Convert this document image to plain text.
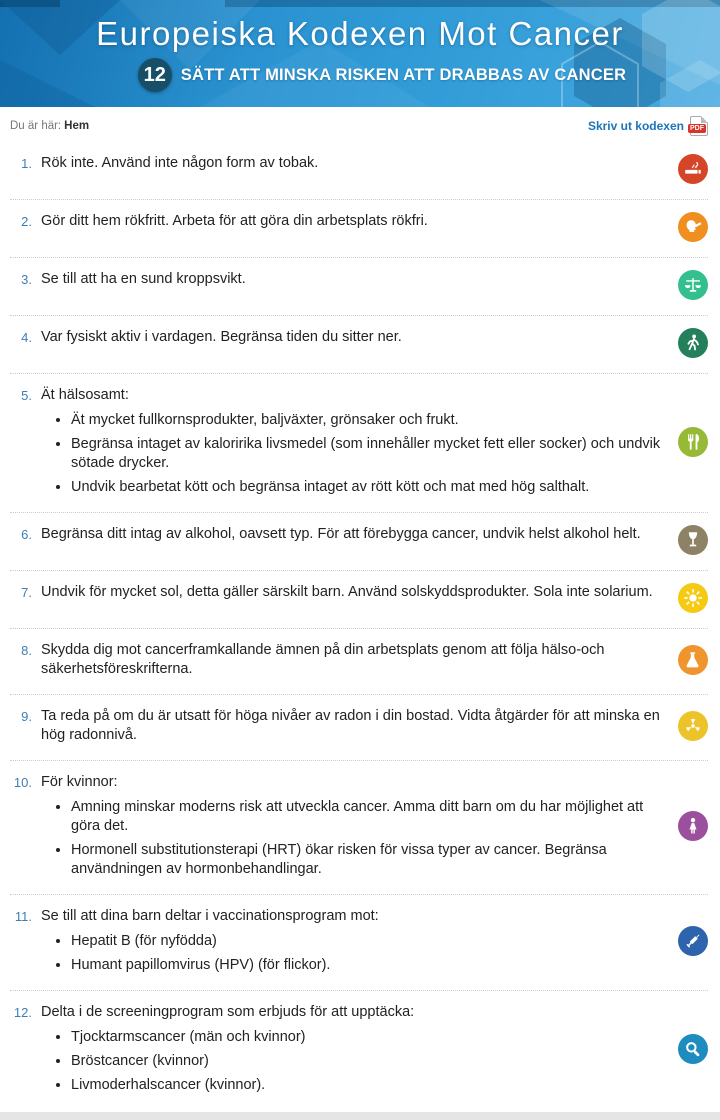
Europeiska Kodexen Mot Cancer
12 SÄTT ATT MINSKA RISKEN ATT DRABBAS AV CANCER
Du är här: Hem	Skriv ut kodexen PDF
1. Rök inte. Använd inte någon form av tobak.

2. Gör ditt hem rökfritt. Arbeta för att göra din arbetsplats rökfri.

3. Se till att ha en sund kroppsvikt.

4. Var fysiskt aktiv i vardagen. Begränsa tiden du sitter ner.

5. Ät hälsosamt:

• Ät mycket fullkornsprodukter, baljväxter, grönsaker och frukt.
• Begränsa intaget av kaloririka livsmedel (som innehåller mycket fett eller socker) och undvik sötade drycker.
• Undvik bearbetat kött och begränsa intaget av rött kött och mat med hög salthalt.
6. Begränsa ditt intag av alkohol, oavsett typ. För att förebygga cancer, undvik helst alkohol helt.

7. Undvik för mycket sol, detta gäller särskilt barn. Använd solskyddsprodukter. Sola inte solarium.

8. Skydda dig mot cancerframkallande ämnen på din arbetsplats genom att följa hälso-och säkerhetsföreskrifterna.

9. Ta reda på om du är utsatt för höga nivåer av radon i din bostad. Vidta åtgärder för att minska en hög radonnivå.

10. För kvinnor:

• Amning minskar moderns risk att utveckla cancer. Amma ditt barn om du har möjlighet att göra det.
• Hormonell substitutionsterapi (HRT) ökar risken för vissa typer av cancer. Begränsa användningen av hormonbehandlingar.
11. Se till att dina barn deltar i vaccinationsprogram mot:

• Hepatit B (för nyfödda)
• Humant papillomvirus (HPV) (för flickor).
12. Delta i de screeningprogram som erbjuds för att upptäcka:

• Tjocktarmscancer (män och kvinnor)
• Bröstcancer (kvinnor)
• Livmoderhalscancer (kvinnor).
